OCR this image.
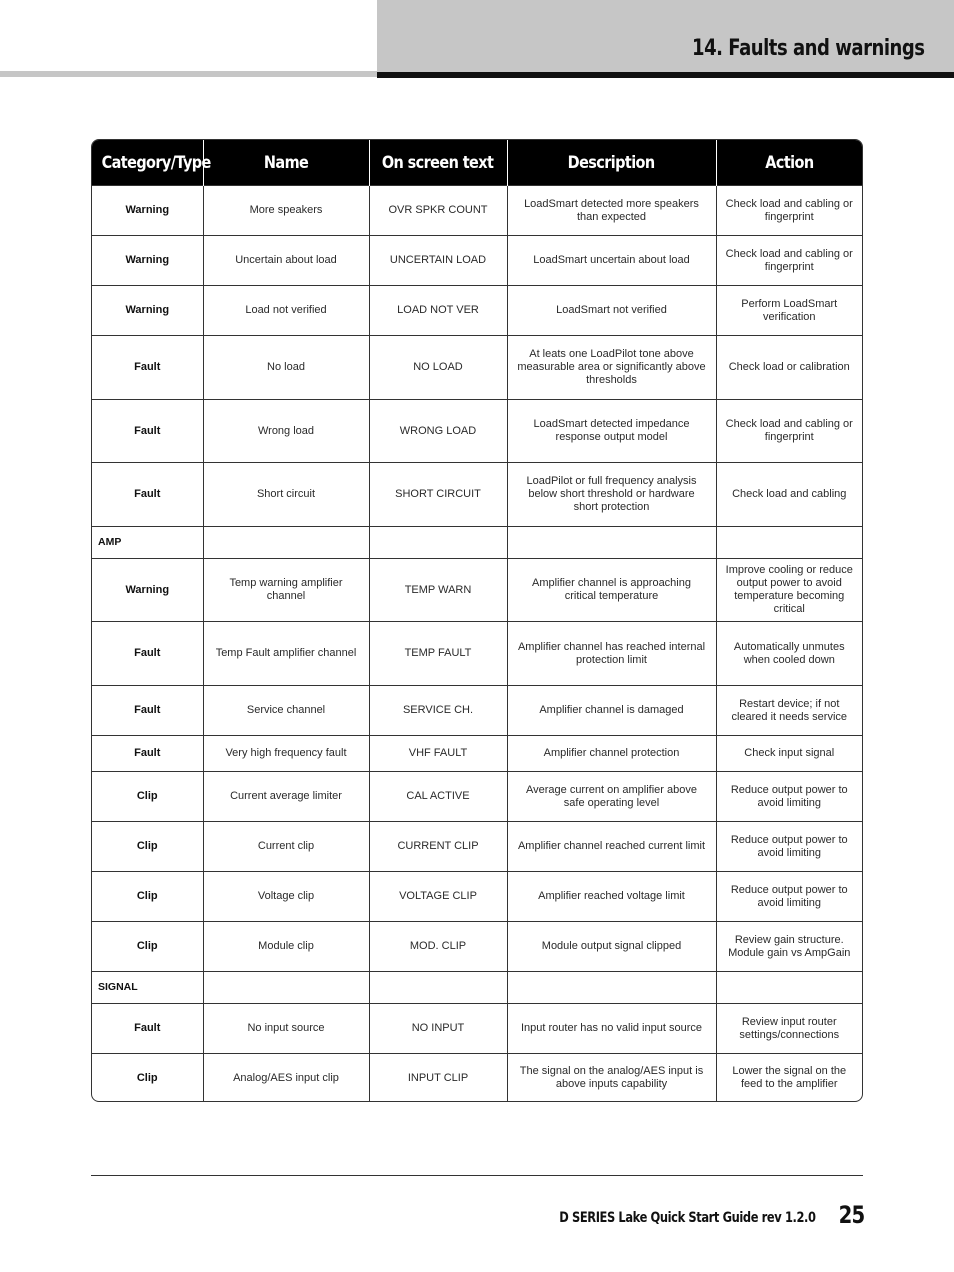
14. Faults and warnings
Category/Type	Name	On screen text	Description	Action
Warning	More speakers	OVR SPKR COUNT	LoadSmart detected more speakers than expected	Check load and cabling or fingerprint
Warning	Uncertain about load	UNCERTAIN LOAD	LoadSmart uncertain about load	Check load and cabling or fingerprint
Warning	Load not verified	LOAD NOT VER	LoadSmart not verified	Perform LoadSmart verification
Fault	No load	NO LOAD	At leats one LoadPilot tone above measurable area or significantly above thresholds	Check load or calibration
Fault	Wrong load	WRONG LOAD	LoadSmart detected impedance response output model	Check load and cabling or fingerprint
Fault	Short circuit	SHORT CIRCUIT	LoadPilot or full frequency analysis below short threshold or hardware short protection	Check load and cabling
AMP				
Warning	Temp warning amplifier channel	TEMP WARN	Amplifier channel is approaching critical temperature	Improve cooling or reduce output power to avoid temperature becoming critical
Fault	Temp Fault amplifier channel	TEMP FAULT	Amplifier channel has reached internal protection limit	Automatically unmutes when cooled down
Fault	Service channel	SERVICE CH.	Amplifier channel is damaged	Restart device; if not cleared it needs service
Fault	Very high frequency fault	VHF FAULT	Amplifier channel protection	Check input signal
Clip	Current average limiter	CAL ACTIVE	Average current on amplifier above safe operating level	Reduce output power to avoid limiting
Clip	Current clip	CURRENT CLIP	Amplifier channel reached current limit	Reduce output power to avoid limiting
Clip	Voltage clip	VOLTAGE CLIP	Amplifier reached voltage limit	Reduce output power to avoid limiting
Clip	Module clip	MOD. CLIP	Module output signal clipped	Review gain structure. Module gain vs AmpGain
SIGNAL				
Fault	No input source	NO INPUT	Input router has no valid input source	Review input router settings/connections
Clip	Analog/AES input clip	INPUT CLIP	The signal on the analog/AES input is above inputs capability	Lower the signal on the feed to the amplifier
D SERIES Lake Quick Start Guide rev 1.2.0 25
